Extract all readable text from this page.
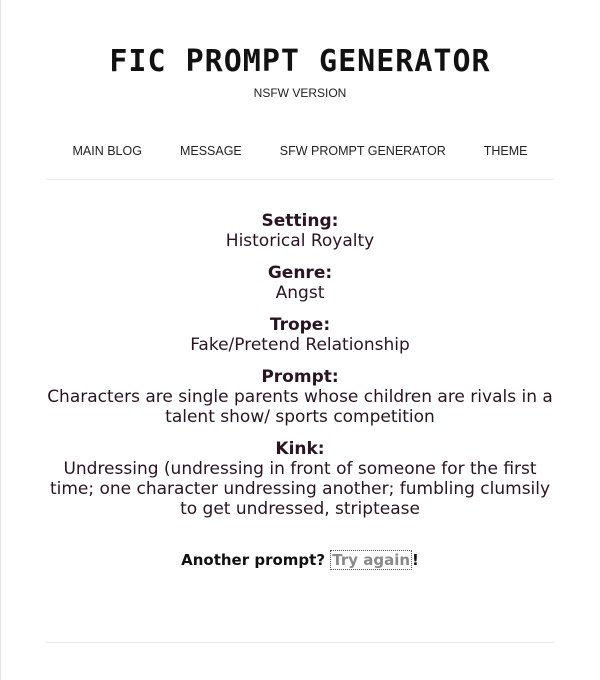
FIC PROMPT GENERATOR
NSFW VERSION
MAIN BLOG	MESSAGE	SFW PROMPT GENERATOR	THEME
Setting:
Historical Royalty
Genre:
Angst
Trope:
Fake/Pretend Relationship
Prompt:
Characters are single parents whose children are rivals in a talent show/ sports competition
Kink:
Undressing (undressing in front of someone for the first time; one character undressing another; fumbling clumsily to get undressed, striptease
Another prompt? Try again !
